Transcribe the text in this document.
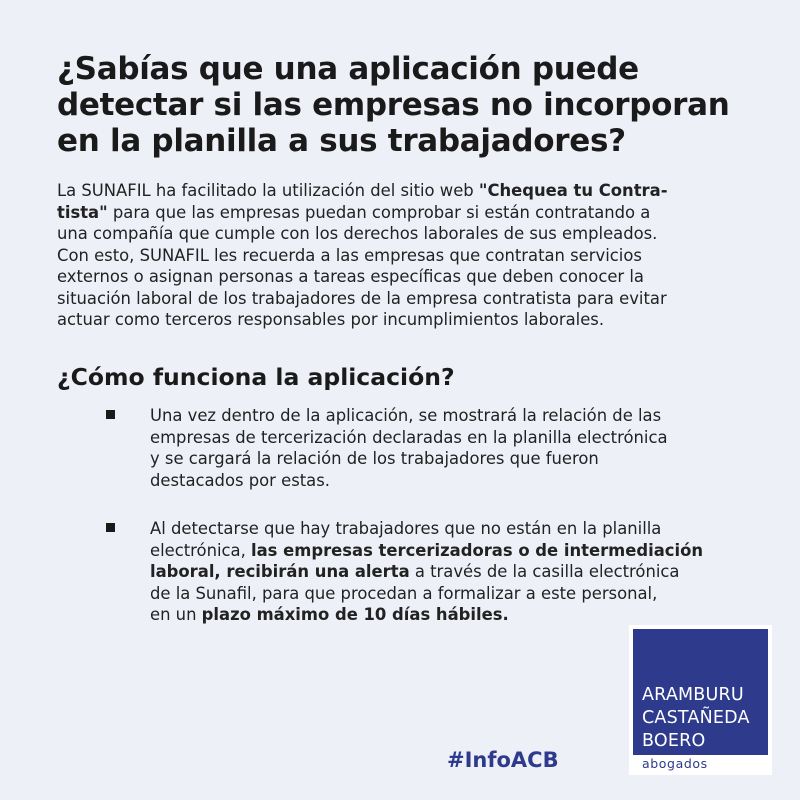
¿Sabías que una aplicación puede
detectar si las empresas no incorporan
en la planilla a sus trabajadores?
La SUNAFIL ha facilitado la utilización del sitio web "Chequea tu Contra-
tista" para que las empresas puedan comprobar si están contratando a
una compañía que cumple con los derechos laborales de sus empleados.
Con esto, SUNAFIL les recuerda a las empresas que contratan servicios
externos o asignan personas a tareas específicas que deben conocer la
situación laboral de los trabajadores de la empresa contratista para evitar
actuar como terceros responsables por incumplimientos laborales.
¿Cómo funciona la aplicación?
Una vez dentro de la aplicación, se mostrará la relación de las
empresas de tercerización declaradas en la planilla electrónica
y se cargará la relación de los trabajadores que fueron
destacados por estas.
Al detectarse que hay trabajadores que no están en la planilla
electrónica, las empresas tercerizadoras o de intermediación
laboral, recibirán una alerta a través de la casilla electrónica
de la Sunafil, para que procedan a formalizar a este personal,
en un plazo máximo de 10 días hábiles.
#InfoACB
ARAMBURU
CASTAÑEDA
BOERO
abogados
